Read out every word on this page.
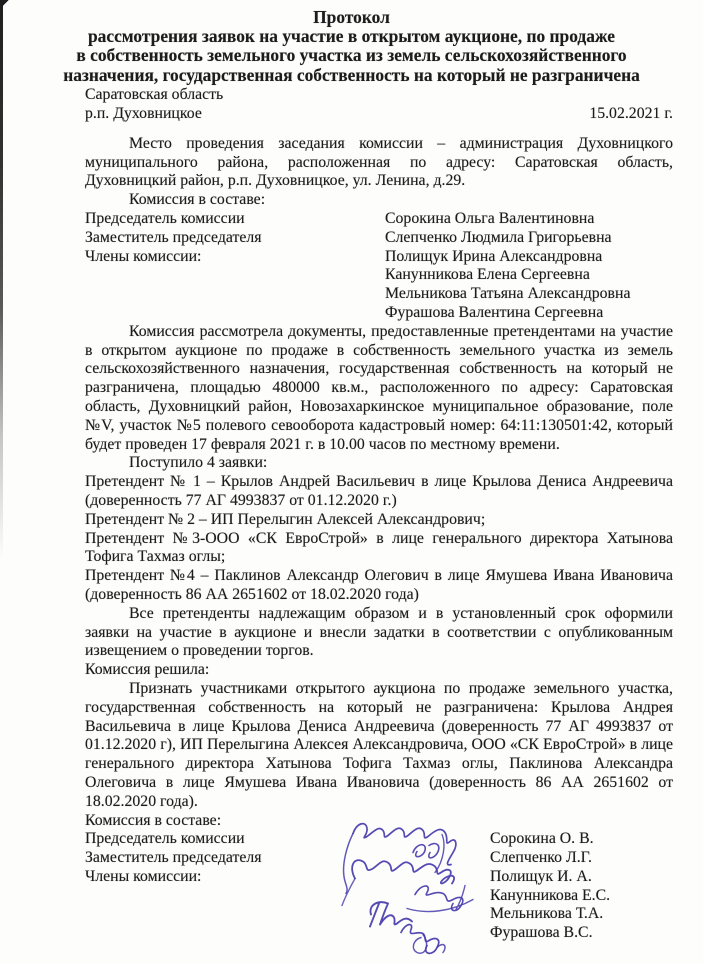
Протокол
рассмотрения заявок на участие в открытом аукционе, по продаже
в собственность земельного участка из земель сельскохозяйственного
назначения, государственная собственность на который не разграничена
Саратовская область
р.п. Духовницкое	15.02.2021 г.

Место проведения заседания комиссии – администрация Духовницкого муниципального района, расположенная по адресу: Саратовская область, Духовницкий район, р.п. Духовницкое, ул. Ленина, д.29.

Комиссия в составе:
Председатель комиссии	Сорокина Ольга Валентиновна
Заместитель председателя	Слепченко Людмила Григорьевна
Члены комиссии:	Полищук Ирина Александровна
Канунникова Елена Сергеевна
Мельникова Татьяна Александровна
Фурашова Валентина Сергеевна

Комиссия рассмотрела документы, предоставленные претендентами на участие в открытом аукционе по продаже в собственность земельного участка из земель сельскохозяйственного назначения, государственная собственность на который не разграничена, площадью 480000 кв.м., расположенного по адресу: Саратовская область, Духовницкий район, Новозахаркинское муниципальное образование, поле №V, участок №5 полевого севооборота кадастровый номер: 64:11:130501:42, который будет проведен 17 февраля 2021 г. в 10.00 часов по местному времени.

Поступило 4 заявки:

Претендент № 1 – Крылов Андрей Васильевич в лице Крылова Дениса Андреевича (доверенность 77 АГ 4993837 от 01.12.2020 г.)

Претендент № 2 – ИП Перелыгин Алексей Александрович;

Претендент №3-ООО «СК ЕвроСтрой» в лице генерального директора Хатынова Тофига Тахмаз оглы;

Претендент №4 – Паклинов Александр Олегович в лице Ямушева Ивана Ивановича (доверенность 86 АА 2651602 от 18.02.2020 года)

Все претенденты надлежащим образом и в установленный срок оформили заявки на участие в аукционе и внесли задатки в соответствии с опубликованным извещением о проведении торгов.

Комиссия решила:

Признать участниками открытого аукциона по продаже земельного участка, государственная собственность на который не разграничена: Крылова Андрея Васильевича в лице Крылова Дениса Андреевича (доверенность 77 АГ 4993837 от 01.12.2020 г), ИП Перелыгина Алексея Александровича, ООО «СК ЕвроСтрой» в лице генерального директора Хатынова Тофига Тахмаз оглы, Паклинова Александра Олеговича в лице Ямушева Ивана Ивановича (доверенность 86 АА 2651602 от 18.02.2020 года).

Комиссия в составе:
Председатель комиссии	Сорокина О. В.
Заместитель председателя	Слепченко Л.Г.
Члены комиссии:	Полищук И. А.
Канунникова Е.С.
Мельникова Т.А.
Фурашова В.С.
